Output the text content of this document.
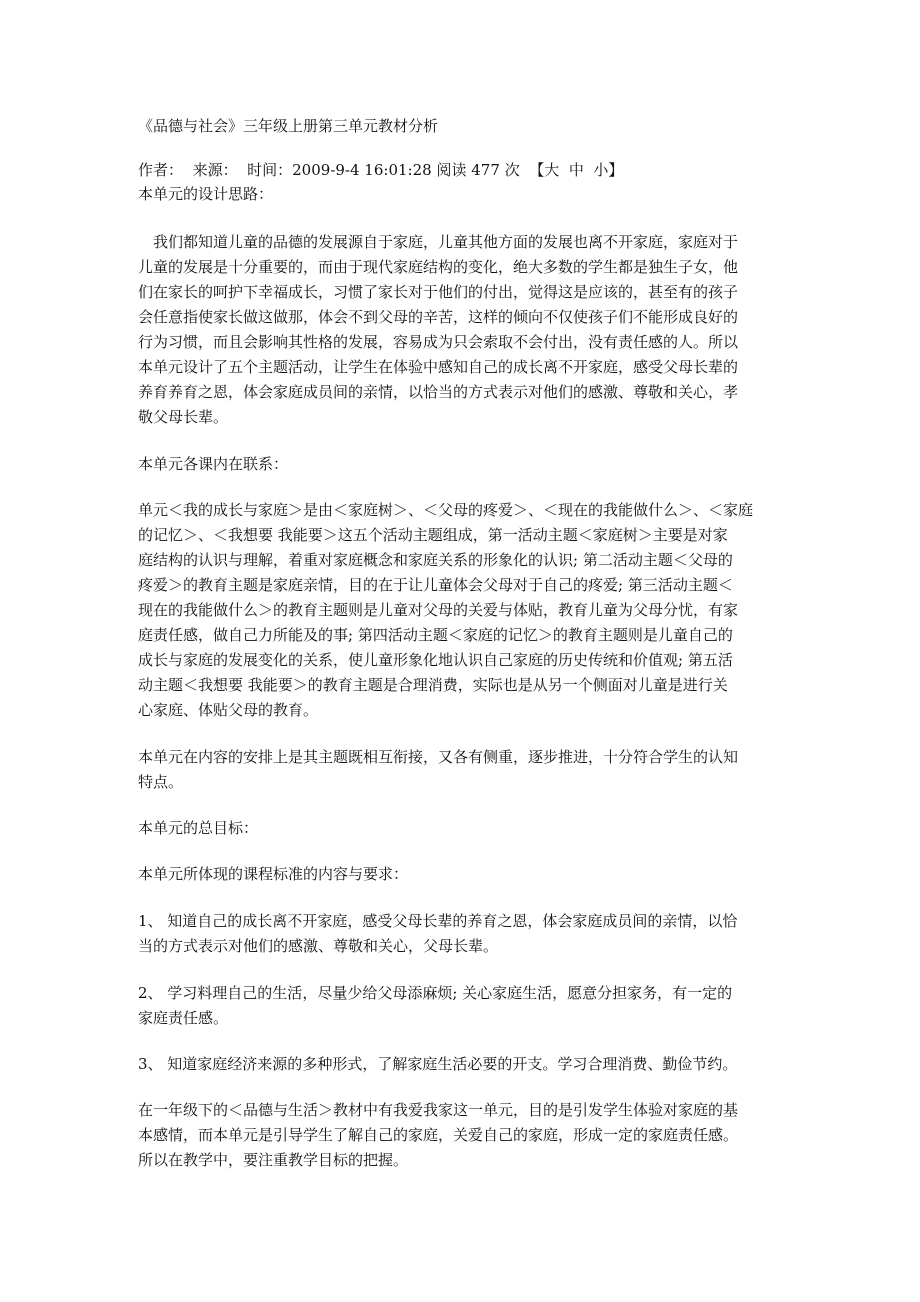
《品德与社会》三年级上册第三单元教材分析
作者： 来源： 时间：2009-9-4 16:01:28 阅读 477 次 【大 中 小】
本单元的设计思路：
　我们都知道儿童的品德的发展源自于家庭，儿童其他方面的发展也离不开家庭，家庭对于
儿童的发展是十分重要的，而由于现代家庭结构的变化，绝大多数的学生都是独生子女，他
们在家长的呵护下幸福成长，习惯了家长对于他们的付出，觉得这是应该的，甚至有的孩子
会任意指使家长做这做那，体会不到父母的辛苦，这样的倾向不仅使孩子们不能形成良好的
行为习惯，而且会影响其性格的发展，容易成为只会索取不会付出，没有责任感的人。所以
本单元设计了五个主题活动，让学生在体验中感知自己的成长离不开家庭，感受父母长辈的
养育养育之恩，体会家庭成员间的亲情，以恰当的方式表示对他们的感激、尊敬和关心，孝
敬父母长辈。
本单元各课内在联系：
单元＜我的成长与家庭＞是由＜家庭树＞、＜父母的疼爱＞、＜现在的我能做什么＞、＜家庭
的记忆＞、＜我想要 我能要＞这五个活动主题组成，第一活动主题＜家庭树＞主要是对家
庭结构的认识与理解，着重对家庭概念和家庭关系的形象化的认识; 第二活动主题＜父母的
疼爱＞的教育主题是家庭亲情，目的在于让儿童体会父母对于自己的疼爱; 第三活动主题＜
现在的我能做什么＞的教育主题则是儿童对父母的关爱与体贴，教育儿童为父母分忧，有家
庭责任感，做自己力所能及的事; 第四活动主题＜家庭的记忆＞的教育主题则是儿童自己的
成长与家庭的发展变化的关系，使儿童形象化地认识自己家庭的历史传统和价值观; 第五活
动主题＜我想要 我能要＞的教育主题是合理消费，实际也是从另一个侧面对儿童是进行关
心家庭、体贴父母的教育。
本单元在内容的安排上是其主题既相互衔接，又各有侧重，逐步推进，十分符合学生的认知
特点。
本单元的总目标：
本单元所体现的课程标准的内容与要求：
1、 知道自己的成长离不开家庭，感受父母长辈的养育之恩，体会家庭成员间的亲情，以恰
当的方式表示对他们的感激、尊敬和关心，父母长辈。
2、 学习料理自己的生活，尽量少给父母添麻烦; 关心家庭生活，愿意分担家务，有一定的
家庭责任感。
3、 知道家庭经济来源的多种形式，了解家庭生活必要的开支。学习合理消费、勤俭节约。
在一年级下的＜品德与生活＞教材中有我爱我家这一单元，目的是引发学生体验对家庭的基
本感情，而本单元是引导学生了解自己的家庭，关爱自己的家庭，形成一定的家庭责任感。
所以在教学中，要注重教学目标的把握。
